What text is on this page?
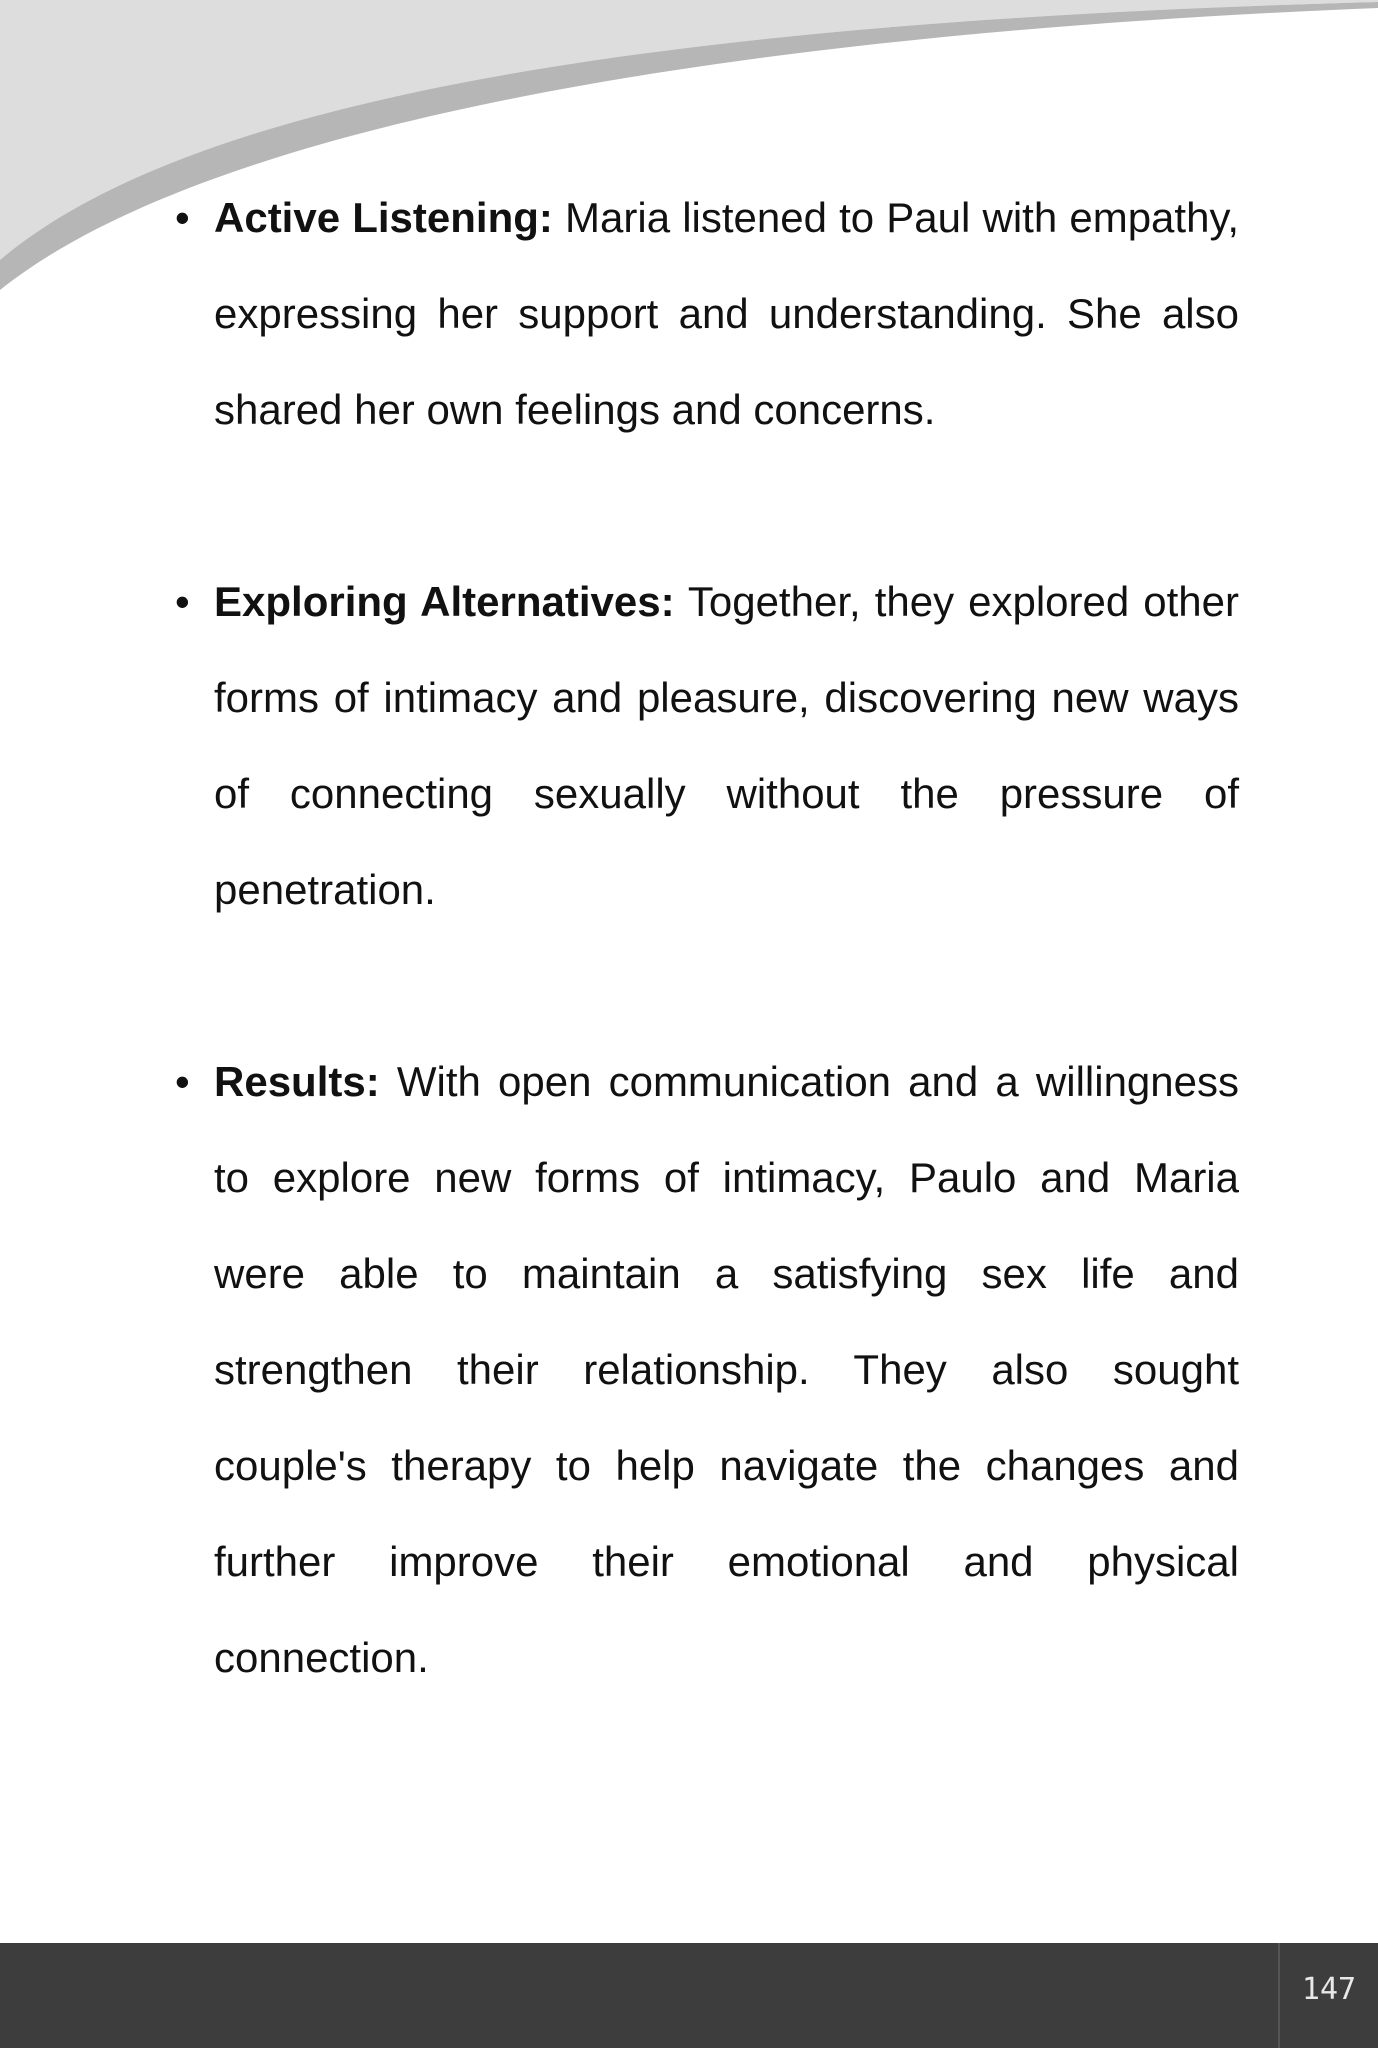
• Active Listening: Maria listened to Paul with empathy, expressing her support and understanding. She also shared her own feelings and concerns.
• Exploring Alternatives: Together, they explored other forms of intimacy and pleasure, discovering new ways of connecting sexually without the pressure of penetration.
• Results: With open communication and a willingness to explore new forms of intimacy, Paulo and Maria were able to maintain a satisfying sex life and strengthen their relationship. They also sought couple's therapy to help navigate the changes and further improve their emotional and physical connection.
147
